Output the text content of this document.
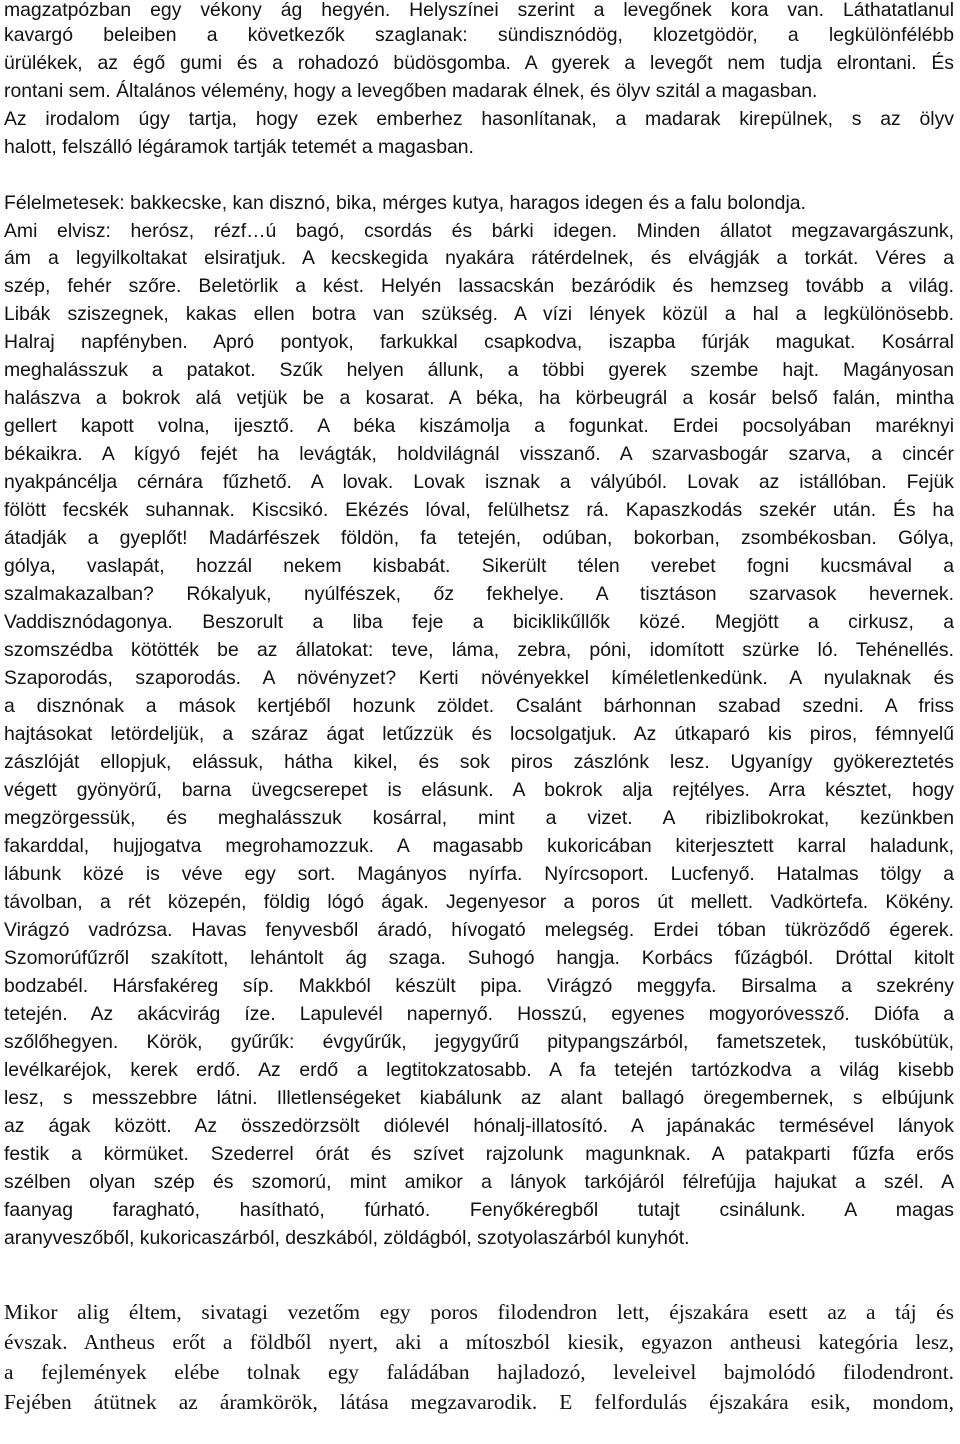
magzatpózban egy vékony ág hegyén. Helyszínei szerint a levegőnek kora van. Láthatatlanul
kavargó beleiben a következők szaglanak: sündisznódög, klozetgödör, a legkülönfélébb
ürülékek, az égő gumi és a rohadozó büdösgomba. A gyerek a levegőt nem tudja elrontani. És
rontani sem. Általános vélemény, hogy a levegőben madarak élnek, és ölyv szitál a magasban.
Az irodalom úgy tartja, hogy ezek emberhez hasonlítanak, a madarak kirepülnek, s az ölyv
halott, felszálló légáramok tartják tetemét a magasban.
Félelmetesek: bakkecske, kan disznó, bika, mérges kutya, haragos idegen és a falu bolondja.
Ami elvisz: herósz, rézf…ú bagó, csordás és bárki idegen. Minden állatot megzavargászunk,
ám a legyilkoltakat elsiratjuk. A kecskegida nyakára rátérdelnek, és elvágják a torkát. Véres a
szép, fehér szőre. Beletörlik a kést. Helyén lassacskán bezáródik és hemzseg tovább a világ.
Libák sziszegnek, kakas ellen botra van szükség. A vízi lények közül a hal a legkülönösebb.
Halraj napfényben. Apró pontyok, farkukkal csapkodva, iszapba fúrják magukat. Kosárral
meghalásszuk a patakot. Szűk helyen állunk, a többi gyerek szembe hajt. Magányosan
halászva a bokrok alá vetjük be a kosarat. A béka, ha körbeugrál a kosár belső falán, mintha
gellert kapott volna, ijesztő. A béka kiszámolja a fogunkat. Erdei pocsolyában maréknyi
békaikra. A kígyó fejét ha levágták, holdvilágnál visszanő. A szarvasbogár szarva, a cincér
nyakpáncélja cérnára fűzhető. A lovak. Lovak isznak a vályúból. Lovak az istállóban. Fejük
fölött fecskék suhannak. Kiscsikó. Ekézés lóval, felülhetsz rá. Kapaszkodás szekér után. És ha
átadják a gyeplőt! Madárfészek földön, fa tetején, odúban, bokorban, zsombékosban. Gólya,
gólya, vaslapát, hozzál nekem kisbabát. Sikerült télen verebet fogni kucsmával a
szalmakazalban? Rókalyuk, nyúlfészek, őz fekhelye. A tisztáson szarvasok hevernek.
Vaddisznódagonya. Beszorult a liba feje a biciklikűllők közé. Megjött a cirkusz, a
szomszédba kötötték be az állatokat: teve, láma, zebra, póni, idomított szürke ló. Tehénellés.
Szaporodás, szaporodás. A növényzet? Kerti növényekkel kíméletlenkedünk. A nyulaknak és
a disznónak a mások kertjéből hozunk zöldet. Csalánt bárhonnan szabad szedni. A friss
hajtásokat letördeljük, a száraz ágat letűzzük és locsolgatjuk. Az útkaparó kis piros, fémnyelű
zászlóját ellopjuk, elássuk, hátha kikel, és sok piros zászlónk lesz. Ugyanígy gyökereztetés
végett gyönyörű, barna üvegcserepet is elásunk. A bokrok alja rejtélyes. Arra késztet, hogy
megzörgessük, és meghalásszuk kosárral, mint a vizet. A ribizlibokrokat, kezünkben
fakarddal, hujjogatva megrohamozzuk. A magasabb kukoricában kiterjesztett karral haladunk,
lábunk közé is véve egy sort. Magányos nyírfa. Nyírcsoport. Lucfenyő. Hatalmas tölgy a
távolban, a rét közepén, földig lógó ágak. Jegenyesor a poros út mellett. Vadkörtefa. Kökény.
Virágzó vadrózsa. Havas fenyvesből áradó, hívogató melegség. Erdei tóban tükröződő égerek.
Szomorúfűzről szakított, lehántolt ág szaga. Suhogó hangja. Korbács fűzágból. Dróttal kitolt
bodzabél. Hársfakéreg síp. Makkból készült pipa. Virágzó meggyfa. Birsalma a szekrény
tetején. Az akácvirág íze. Lapulevél napernyő. Hosszú, egyenes mogyoróvessző. Diófa a
szőlőhegyen. Körök, gyűrűk: évgyűrűk, jegygyűrű pitypangszárból, fametszetek, tuskóbütük,
levélkaréjok, kerek erdő. Az erdő a legtitokzatosabb. A fa tetején tartózkodva a világ kisebb
lesz, s messzebbre látni. Illetlenségeket kiabálunk az alant ballagó öregembernek, s elbújunk
az ágak között. Az összedörzsölt diólevél hónalj-illatosító. A japánakác termésével lányok
festik a körmüket. Szederrel órát és szívet rajzolunk magunknak. A patakparti fűzfa erős
szélben olyan szép és szomorú, mint amikor a lányok tarkójáról félrefújja hajukat a szél. A
faanyag faragható, hasítható, fúrható. Fenyőkéregből tutajt csinálunk. A magas
aranyveszőből, kukoricaszárból, deszkából, zöldágból, szotyolaszárból kunyhót.
Mikor alig éltem, sivatagi vezetőm egy poros filodendron lett, éjszakára esett az a táj és
évszak. Antheus erőt a földből nyert, aki a mítoszból kiesik, egyazon antheusi kategória lesz,
a fejlemények elébe tolnak egy faládában hajladozó, leveleivel bajmolódó filodendront.
Fejében átütnek az áramkörök, látása megzavarodik. E felfordulás éjszakára esik, mondom,
